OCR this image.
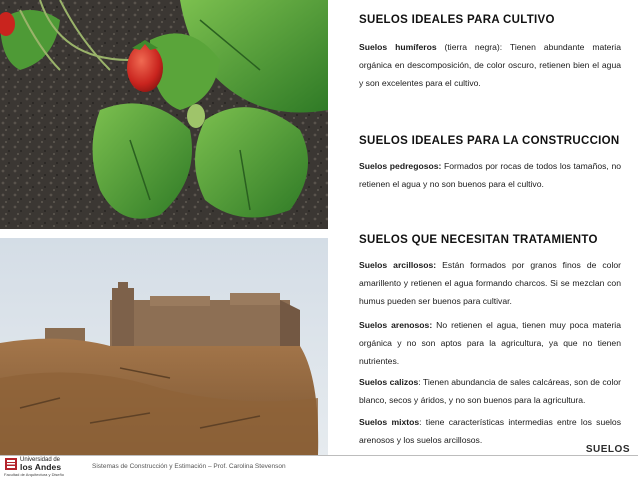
SUELOS IDEALES PARA CULTIVO
Suelos humíferos (tierra negra): Tienen abundante materia orgánica en descomposición, de color oscuro, retienen bien el agua y son excelentes para el cultivo.
SUELOS IDEALES PARA LA CONSTRUCCION
Suelos pedregosos: Formados por rocas de todos los tamaños, no retienen el agua y no son buenos para el cultivo.
SUELOS QUE NECESITAN TRATAMIENTO
Suelos arcillosos: Están formados por granos finos de color amarillento y retienen el agua formando charcos. Si se mezclan con humus pueden ser buenos para cultivar.
Suelos arenosos: No retienen el agua, tienen muy poca materia orgánica y no son aptos para la agricultura, ya que no tienen nutrientes.
Suelos calizos: Tienen abundancia de sales calcáreas, son de color blanco, secos y áridos, y no son buenos para la agricultura.
Suelos mixtos: tiene características intermedias entre los suelos arenosos y los suelos arcillosos.
SUELOS
Universidad de
los Andes
Facultad de Arquitectura y Diseño
Sistemas de Construcción y Estimación – Prof. Carolina Stevenson
